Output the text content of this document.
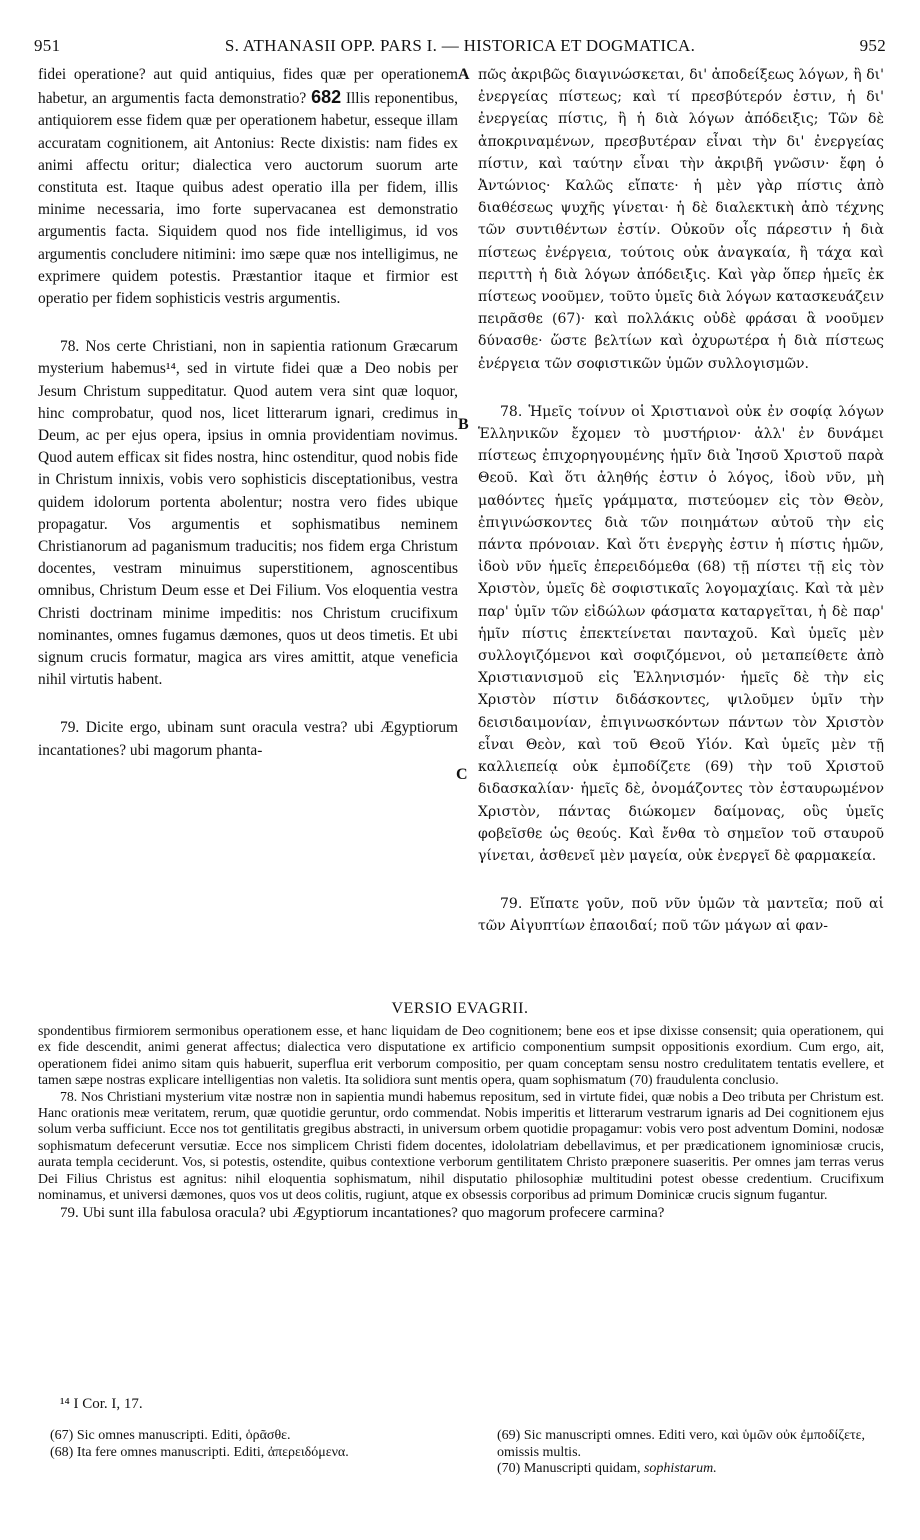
951	S. ATHANASII OPP. PARS I. — HISTORICA ET DOGMATICA.	952

fidei operatione? aut quid antiquius, fides quæ per operationem habetur, an argumentis facta demonstratio? 682 Illis reponentibus, antiquiorem esse fidem quæ per operationem habetur, esseque illam accuratam cognitionem, ait Antonius: Recte dixistis: nam fides ex animi affectu oritur; dialectica vero auctorum suorum arte constituta est. Itaque quibus adest operatio illa per fidem, illis minime necessaria, imo forte supervacanea est demonstratio argumentis facta. Siquidem quod nos fide intelligimus, id vos argumentis concludere nitimini: imo sæpe quæ nos intelligimus, ne exprimere quidem potestis. Præstantior itaque et firmior est operatio per fidem sophisticis vestris argumentis.

78. Nos certe Christiani, non in sapientia rationum Græcarum mysterium habemus¹⁴, sed in virtute fidei quæ a Deo nobis per Jesum Christum suppeditatur. Quod autem vera sint quæ loquor, hinc comprobatur, quod nos, licet litterarum ignari, credimus in Deum, ac per ejus opera, ipsius in omnia providentiam novimus. Quod autem efficax sit fides nostra, hinc ostenditur, quod nobis fide in Christum innixis, vobis vero sophisticis disceptationibus, vestra quidem idolorum portenta abolentur; nostra vero fides ubique propagatur. Vos argumentis et sophismatibus neminem Christianorum ad paganismum traducitis; nos fidem erga Christum docentes, vestram minuimus superstitionem, agnoscentibus omnibus, Christum Deum esse et Dei Filium. Vos eloquentia vestra Christi doctrinam minime impeditis: nos Christum crucifixum nominantes, omnes fugamus dæmones, quos ut deos timetis. Et ubi signum crucis formatur, magica ars vires amittit, atque veneficia nihil virtutis habent.

79. Dicite ergo, ubinam sunt oracula vestra? ubi Ægyptiorum incantationes? ubi magorum phanta-

A
B
C

πῶς ἀκριβῶς διαγινώσκεται, δι' ἀποδείξεως λόγων, ἢ δι' ἐνεργείας πίστεως; καὶ τί πρεσβύτερόν ἐστιν, ἡ δι' ἐνεργείας πίστις, ἢ ἡ διὰ λόγων ἀπόδειξις; Τῶν δὲ ἀποκριναμένων, πρεσβυτέραν εἶναι τὴν δι' ἐνεργείας πίστιν, καὶ ταύτην εἶναι τὴν ἀκριβῆ γνῶσιν· ἔφη ὁ Ἀντώνιος· Καλῶς εἴπατε· ἡ μὲν γὰρ πίστις ἀπὸ διαθέσεως ψυχῆς γίνεται· ἡ δὲ διαλεκτικὴ ἀπὸ τέχνης τῶν συντιθέντων ἐστίν. Οὐκοῦν οἷς πάρεστιν ἡ διὰ πίστεως ἐνέργεια, τούτοις οὐκ ἀναγκαία, ἢ τάχα καὶ περιττὴ ἡ διὰ λόγων ἀπόδειξις. Καὶ γὰρ ὅπερ ἡμεῖς ἐκ πίστεως νοοῦμεν, τοῦτο ὑμεῖς διὰ λόγων κατασκευάζειν πειρᾶσθε (67)· καὶ πολλάκις οὐδὲ φράσαι ἃ νοοῦμεν δύνασθε· ὥστε βελτίων καὶ ὀχυρωτέρα ἡ διὰ πίστεως ἐνέργεια τῶν σοφιστικῶν ὑμῶν συλλογισμῶν.

78. Ἡμεῖς τοίνυν οἱ Χριστιανοὶ οὐκ ἐν σοφίᾳ λόγων Ἑλληνικῶν ἔχομεν τὸ μυστήριον· ἀλλ' ἐν δυνάμει πίστεως ἐπιχορηγουμένης ἡμῖν διὰ Ἰησοῦ Χριστοῦ παρὰ Θεοῦ. Καὶ ὅτι ἀληθής ἐστιν ὁ λόγος, ἰδοὺ νῦν, μὴ μαθόντες ἡμεῖς γράμματα, πιστεύομεν εἰς τὸν Θεὸν, ἐπιγινώσκοντες διὰ τῶν ποιημάτων αὐτοῦ τὴν εἰς πάντα πρόνοιαν. Καὶ ὅτι ἐνεργὴς ἐστιν ἡ πίστις ἡμῶν, ἰδοὺ νῦν ἡμεῖς ἐπερειδόμεθα (68) τῇ πίστει τῇ εἰς τὸν Χριστὸν, ὑμεῖς δὲ σοφιστικαῖς λογομαχίαις. Καὶ τὰ μὲν παρ' ὑμῖν τῶν εἰδώλων φάσματα καταργεῖται, ἡ δὲ παρ' ἡμῖν πίστις ἐπεκτείνεται πανταχοῦ. Καὶ ὑμεῖς μὲν συλλογιζόμενοι καὶ σοφιζόμενοι, οὐ μεταπείθετε ἀπὸ Χριστιανισμοῦ εἰς Ἑλληνισμόν· ἡμεῖς δὲ τὴν εἰς Χριστὸν πίστιν διδάσκοντες, ψιλοῦμεν ὑμῖν τὴν δεισιδαιμονίαν, ἐπιγινωσκόντων πάντων τὸν Χριστὸν εἶναι Θεὸν, καὶ τοῦ Θεοῦ Υἱόν. Καὶ ὑμεῖς μὲν τῇ καλλιεπείᾳ οὐκ ἐμποδίζετε (69) τὴν τοῦ Χριστοῦ διδασκαλίαν· ἡμεῖς δὲ, ὀνομάζοντες τὸν ἐσταυρωμένον Χριστὸν, πάντας διώκομεν δαίμονας, οὓς ὑμεῖς φοβεῖσθε ὡς θεούς. Καὶ ἔνθα τὸ σημεῖον τοῦ σταυροῦ γίνεται, ἀσθενεῖ μὲν μαγεία, οὐκ ἐνεργεῖ δὲ φαρμακεία.

79. Εἴπατε γοῦν, ποῦ νῦν ὑμῶν τὰ μαντεῖα; ποῦ αἱ τῶν Αἰγυπτίων ἐπαοιδαί; ποῦ τῶν μάγων αἱ φαν-

VERSIO EVAGRII.

spondentibus firmiorem sermonibus operationem esse, et hanc liquidam de Deo cognitionem; bene eos et ipse dixisse consensit; quia operationem, qui ex fide descendit, animi generat affectus; dialectica vero disputatione ex artificio componentium sumpsit oppositionis exordium. Cum ergo, ait, operationem fidei animo sitam quis habuerit, superflua erit verborum compositio, per quam conceptam sensu nostro credulitatem tentatis evellere, et tamen sæpe nostras explicare intelligentias non valetis. Ita solidiora sunt mentis opera, quam sophismatum (70) fraudulenta conclusio.

78. Nos Christiani mysterium vitæ nostræ non in sapientia mundi habemus repositum, sed in virtute fidei, quæ nobis a Deo tributa per Christum est. Hanc orationis meæ veritatem, rerum, quæ quotidie geruntur, ordo commendat. Nobis imperitis et litterarum vestrarum ignaris ad Dei cognitionem ejus solum verba sufficiunt. Ecce nos tot gentilitatis gregibus abstracti, in universum orbem quotidie propagamur: vobis vero post adventum Domini, nodosæ sophismatum defecerunt versutiæ. Ecce nos simplicem Christi fidem docentes, idololatriam debellavimus, et per prædicationem ignominiosæ crucis, aurata templa ceciderunt. Vos, si potestis, ostendite, quibus contextione verborum gentilitatem Christo præponere suaseritis. Per omnes jam terras verus Dei Filius Christus est agnitus: nihil eloquentia sophismatum, nihil disputatio philosophiæ multitudini potest obesse credentium. Crucifixum nominamus, et universi dæmones, quos vos ut deos colitis, rugiunt, atque ex obsessis corporibus ad primum Dominicæ crucis signum fugantur.

79. Ubi sunt illa fabulosa oracula? ubi Ægyptiorum incantationes? quo magorum profecere carmina?

¹⁴ I Cor. I, 17.

(67) Sic omnes manuscripti. Editi, ὁρᾶσθε.

(68) Ita fere omnes manuscripti. Editi, ἀπερειδόμενα.

(69) Sic manuscripti omnes. Editi vero, καὶ ὑμῶν οὐκ ἐμποδίζετε, omissis multis.

(70) Manuscripti quidam, sophistarum.
